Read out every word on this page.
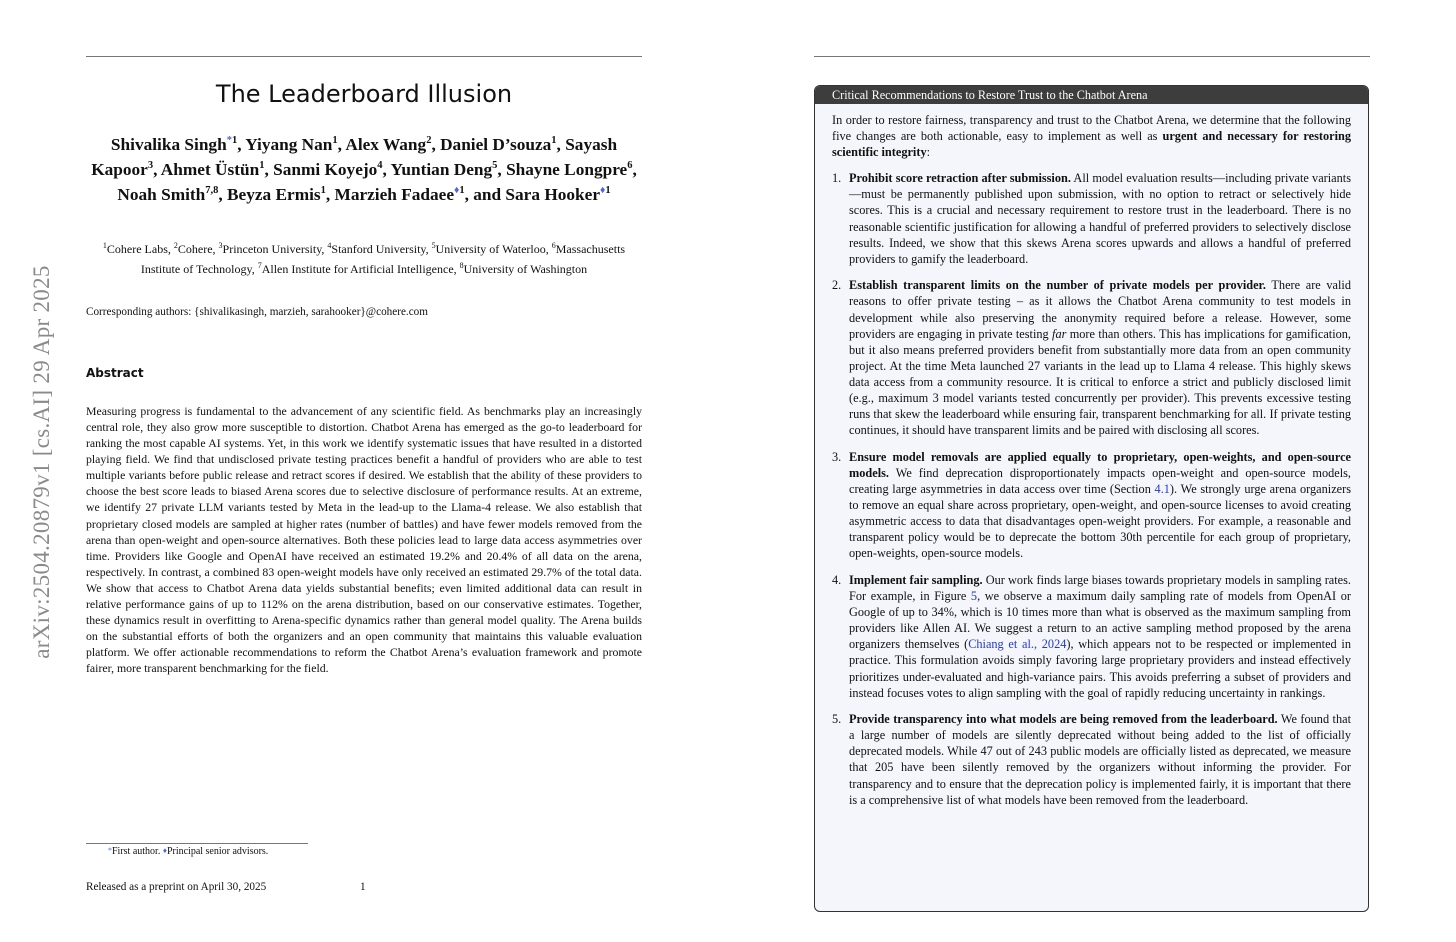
arXiv:2504.20879v1 [cs.AI] 29 Apr 2025
The Leaderboard Illusion
Shivalika Singh$^{*1}$, Yiyang Nan$^1$, Alex Wang$^2$, Daniel D’souza$^1$, Sayash Kapoor$^3$, Ahmet Üstün$^1$, Sanmi Koyejo$^4$, Yuntian Deng$^5$, Shayne Longpre$^6$, Noah Smith$^{7,8}$, Beyza Ermis$^1$, Marzieh Fadaee$^{♦1}$, and Sara Hooker$^{♦1}$
$^1$Cohere Labs, $^2$Cohere, $^3$Princeton University, $^4$Stanford University, $^5$University of Waterloo, $^6$Massachusetts Institute of Technology, $^7$Allen Institute for Artificial Intelligence, $^8$University of Washington
Corresponding authors: {shivalikasingh, marzieh, sarahooker}@cohere.com
Abstract

Measuring progress is fundamental to the advancement of any scientific field. As benchmarks play an increasingly central role, they also grow more susceptible to distortion. Chatbot Arena has emerged as the go-to leaderboard for ranking the most capable AI systems. Yet, in this work we identify systematic issues that have resulted in a distorted playing field. We find that undisclosed private testing practices benefit a handful of providers who are able to test multiple variants before public release and retract scores if desired. We establish that the ability of these providers to choose the best score leads to biased Arena scores due to selective disclosure of performance results. At an extreme, we identify 27 private LLM variants tested by Meta in the lead-up to the Llama-4 release. We also establish that proprietary closed models are sampled at higher rates (number of battles) and have fewer models removed from the arena than open-weight and open-source alternatives. Both these policies lead to large data access asymmetries over time. Providers like Google and OpenAI have received an estimated 19.2% and 20.4% of all data on the arena, respectively. In contrast, a combined 83 open-weight models have only received an estimated 29.7% of the total data. We show that access to Chatbot Arena data yields substantial benefits; even limited additional data can result in relative performance gains of up to 112% on the arena distribution, based on our conservative estimates. Together, these dynamics result in overfitting to Arena-specific dynamics rather than general model quality. The Arena builds on the substantial efforts of both the organizers and an open community that maintains this valuable evaluation platform. We offer actionable recommendations to reform the Chatbot Arena’s evaluation framework and promote fairer, more transparent benchmarking for the field.

*First author. ♦Principal senior advisors.
Released as a preprint on April 30, 2025	1
Critical Recommendations to Restore Trust to the Chatbot Arena

In order to restore fairness, transparency and trust to the Chatbot Arena, we determine that the following five changes are both actionable, easy to implement as well as urgent and necessary for restoring scientific integrity:

1. Prohibit score retraction after submission. All model evaluation results—including private variants—must be permanently published upon submission, with no option to retract or selectively hide scores. This is a crucial and necessary requirement to restore trust in the leaderboard. There is no reasonable scientific justification for allowing a handful of preferred providers to selectively disclose results. Indeed, we show that this skews Arena scores upwards and allows a handful of preferred providers to gamify the leaderboard.
2. Establish transparent limits on the number of private models per provider. There are valid reasons to offer private testing – as it allows the Chatbot Arena community to test models in development while also preserving the anonymity required before a release. However, some providers are engaging in private testing far more than others. This has implications for gamification, but it also means preferred providers benefit from substantially more data from an open community project. At the time Meta launched 27 variants in the lead up to Llama 4 release. This highly skews data access from a community resource. It is critical to enforce a strict and publicly disclosed limit (e.g., maximum 3 model variants tested concurrently per provider). This prevents excessive testing runs that skew the leaderboard while ensuring fair, transparent benchmarking for all. If private testing continues, it should have transparent limits and be paired with disclosing all scores.
3. Ensure model removals are applied equally to proprietary, open-weights, and open-source models. We find deprecation disproportionately impacts open-weight and open-source models, creating large asymmetries in data access over time (Section 4.1). We strongly urge arena organizers to remove an equal share across proprietary, open-weight, and open-source licenses to avoid creating asymmetric access to data that disadvantages open-weight providers. For example, a reasonable and transparent policy would be to deprecate the bottom 30th percentile for each group of proprietary, open-weights, open-source models.
4. Implement fair sampling. Our work finds large biases towards proprietary models in sampling rates. For example, in Figure 5, we observe a maximum daily sampling rate of models from OpenAI or Google of up to 34%, which is 10 times more than what is observed as the maximum sampling from providers like Allen AI. We suggest a return to an active sampling method proposed by the arena organizers themselves (Chiang et al., 2024), which appears not to be respected or implemented in practice. This formulation avoids simply favoring large proprietary providers and instead effectively prioritizes under-evaluated and high-variance pairs. This avoids preferring a subset of providers and instead focuses votes to align sampling with the goal of rapidly reducing uncertainty in rankings.
5. Provide transparency into what models are being removed from the leaderboard. We found that a large number of models are silently deprecated without being added to the list of officially deprecated models. While 47 out of 243 public models are officially listed as deprecated, we measure that 205 have been silently removed by the organizers without informing the provider. For transparency and to ensure that the deprecation policy is implemented fairly, it is important that there is a comprehensive list of what models have been removed from the leaderboard.
